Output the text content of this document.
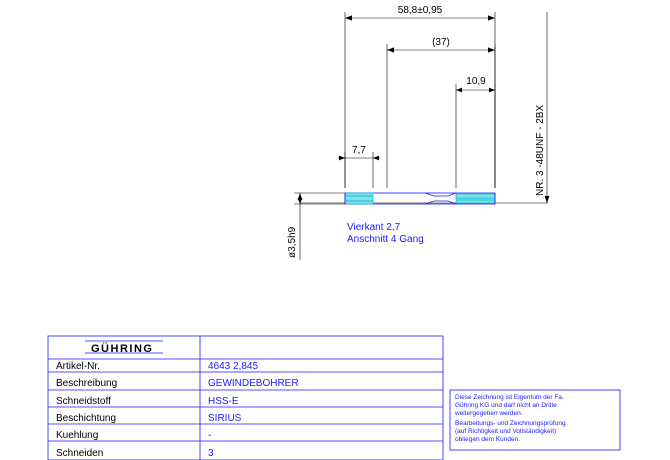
58,8±0,95
(37)
10,9
7,7
ø3,5h9
NR. 3 -48UNF - 2BX
Vierkant 2,7
Anschnitt 4 Gang
GÜHRING
Artikel-Nr.
Beschreibung
Schneidstoff
Beschichtung
Kuehlung
Schneiden
4643 2,845
GEWINDEBOHRER
HSS-E
SIRIUS
-
3
Diese Zeichnung ist Eigentum der Fa.
Gühring KG und darf nicht an Dritte
weitergegeben werden.
Bearbeitungs- und Zeichnungsprüfung
(auf Richtigkeit und Vollständigkeit)
obliegen dem Kunden.
